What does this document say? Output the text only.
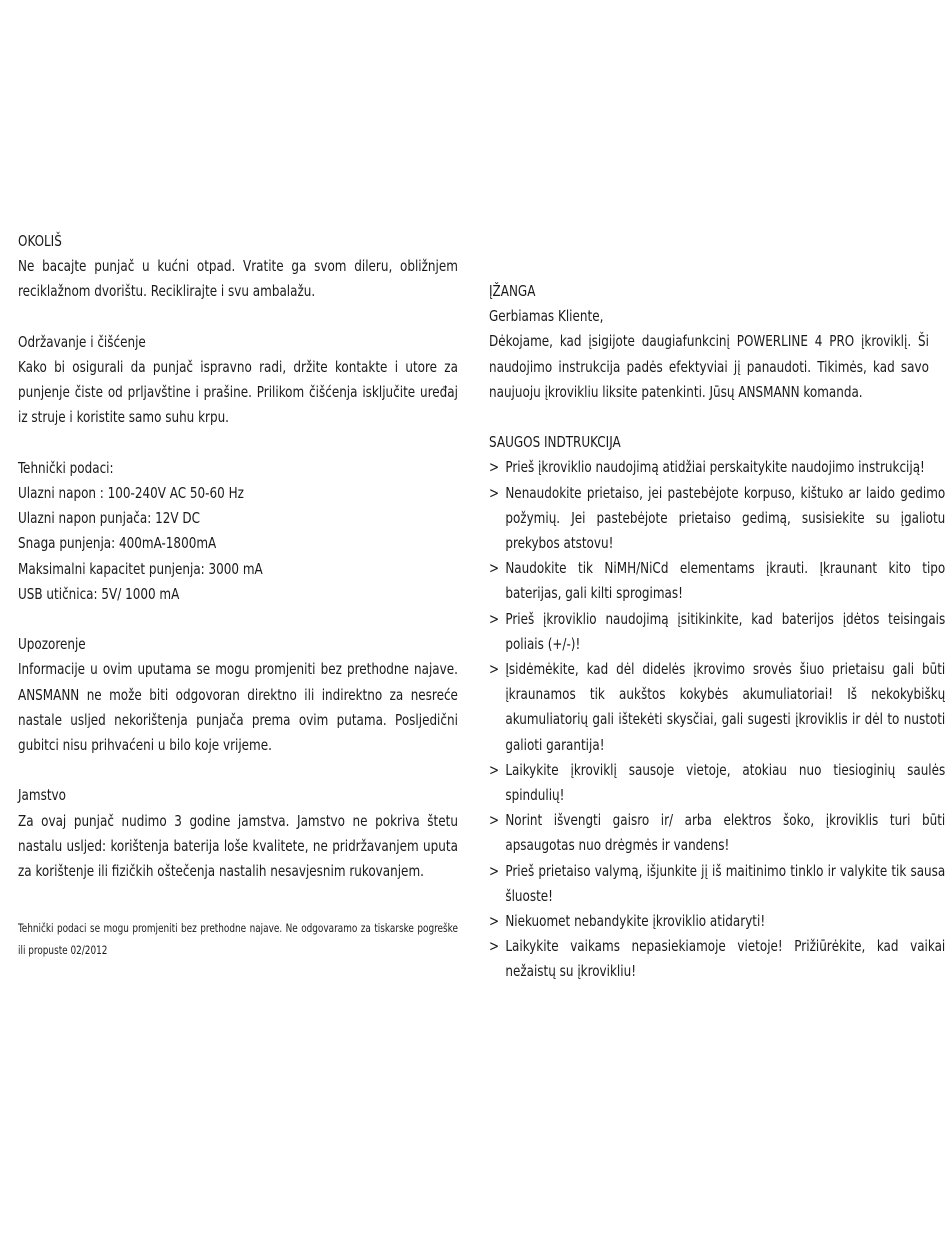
OKOLIŠ

Ne bacajte punjač u kućni otpad. Vratite ga svom dileru, obližnjem reciklažnom dvorištu. Reciklirajte i svu ambalažu.

Održavanje i čišćenje

Kako bi osigurali da punjač ispravno radi, držite kontakte i utore za punjenje čiste od prljavštine i prašine. Prilikom čišćenja isključite uređaj iz struje i koristite samo suhu krpu.

Tehnički podaci:

Ulazni napon : 100-240V AC 50-60 Hz

Ulazni napon punjača: 12V DC

Snaga punjenja: 400mA-1800mA

Maksimalni kapacitet punjenja: 3000 mA

USB utičnica: 5V/ 1000 mA

Upozorenje

Informacije u ovim uputama se mogu promjeniti bez prethodne najave. ANSMANN ne može biti odgovoran direktno ili indirektno za nesreće nastale usljed nekorištenja punjača prema ovim putama. Posljedični gubitci nisu prihvaćeni u bilo koje vrijeme.

Jamstvo

Za ovaj punjač nudimo 3 godine jamstva. Jamstvo ne pokriva štetu nastalu usljed: korištenja baterija loše kvalitete, ne pridržavanjem uputa za korištenje ili fizičkih oštečenja nastalih nesavjesnim rukovanjem.

Tehnički podaci se mogu promjeniti bez prethodne najave. Ne odgovaramo za tiskarske pogreške ili propuste 02/2012

ĮŽANGA

Gerbiamas Kliente,

Dėkojame, kad įsigijote daugiafunkcinį POWERLINE 4 PRO įkroviklį. Ši naudojimo instrukcija padės efektyviai jį panaudoti. Tikimės, kad savo naujuoju įkrovikliu liksite patenkinti. Jūsų ANSMANN komanda.

SAUGOS INDTRUKCIJA

> Prieš įkroviklio naudojimą atidžiai perskaitykite naudojimo instrukciją!
> Nenaudokite prietaiso, jei pastebėjote korpuso, kištuko ar laido gedimo požymių. Jei pastebėjote prietaiso gedimą, susisiekite su įgaliotu prekybos atstovu!
> Naudokite tik NiMH/NiCd elementams įkrauti. Įkraunant kito tipo baterijas, gali kilti sprogimas!
> Prieš įkroviklio naudojimą įsitikinkite, kad baterijos įdėtos teisingais poliais (+/-)!
> Įsidėmėkite, kad dėl didelės įkrovimo srovės šiuo prietaisu gali būti įkraunamos tik aukštos kokybės akumuliatoriai! Iš nekokybiškų akumuliatorių gali ištekėti skysčiai, gali sugesti įkroviklis ir dėl to nustoti galioti garantija!
> Laikykite įkroviklį sausoje vietoje, atokiau nuo tiesioginių saulės spindulių!
> Norint išvengti gaisro ir/ arba elektros šoko, įkroviklis turi būti apsaugotas nuo drėgmės ir vandens!
> Prieš prietaiso valymą, išjunkite jį iš maitinimo tinklo ir valykite tik sausa šluoste!
> Niekuomet nebandykite įkroviklio atidaryti!
> Laikykite vaikams nepasiekiamoje vietoje! Prižiūrėkite, kad vaikai nežaistų su įkrovikliu!
